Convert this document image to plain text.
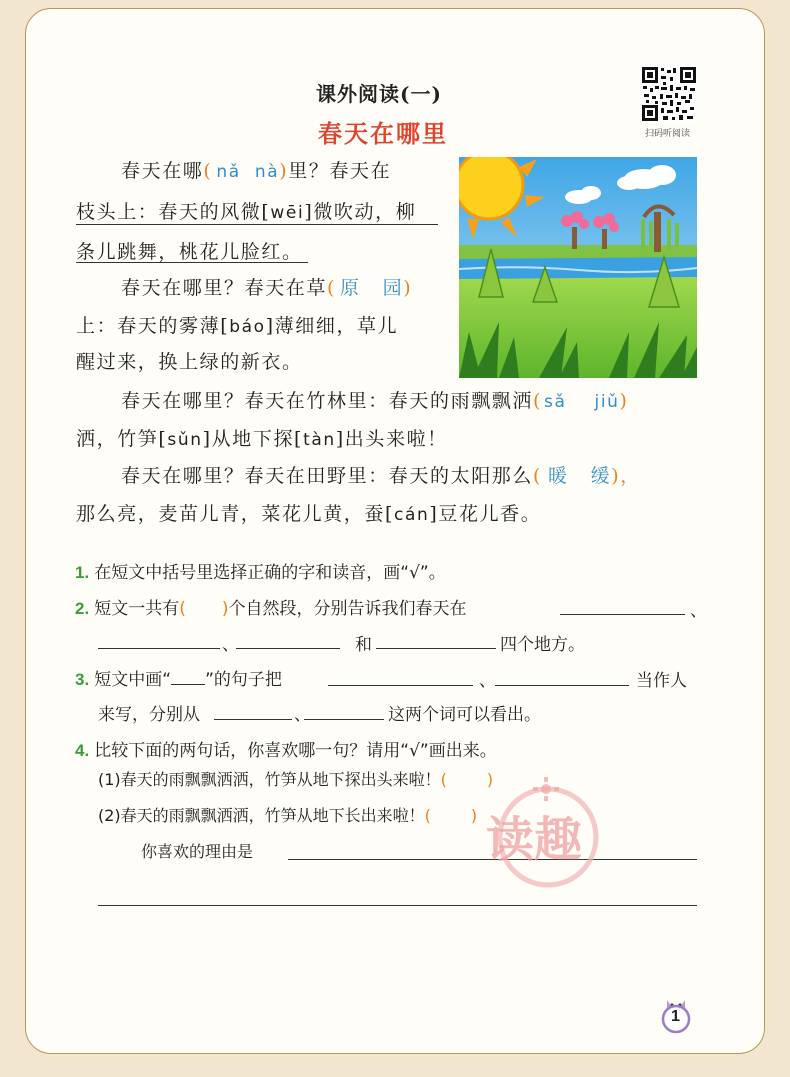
课外阅读(一)
春天在哪里	扫码听阅读
春天在哪( nǎ nà)里？春天在
枝头上：春天的风微[wēi]微吹动，柳
条儿跳舞，桃花儿脸红。
春天在哪里？春天在草( 原 园)
上：春天的雾薄[báo]薄细细，草儿
醒过来，换上绿的新衣。
春天在哪里？春天在竹林里：春天的雨飘飘洒( sǎ jiǔ)
洒，竹笋[sǔn]从地下探[tàn]出头来啦！
春天在哪里？春天在田野里：春天的太阳那么( 暖 缓)，
那么亮，麦苗儿青，菜花儿黄，蚕[cán]豆花儿香。
1. 在短文中括号里选择正确的字和读音，画“√”。
2. 短文一共有( )个自然段，分别告诉我们春天在	、
、	和	四个地方。
3. 短文中画“ ”的句子把	、	当作人
来写，分别从	、	这两个词可以看出。
4. 比较下面的两句话，你喜欢哪一句？请用“√”画出来。
(1)春天的雨飘飘洒洒，竹笋从地下探出头来啦！(	)
(2)春天的雨飘飘洒洒，竹笋从地下长出来啦！(	)
你喜欢的理由是	读趣
1
